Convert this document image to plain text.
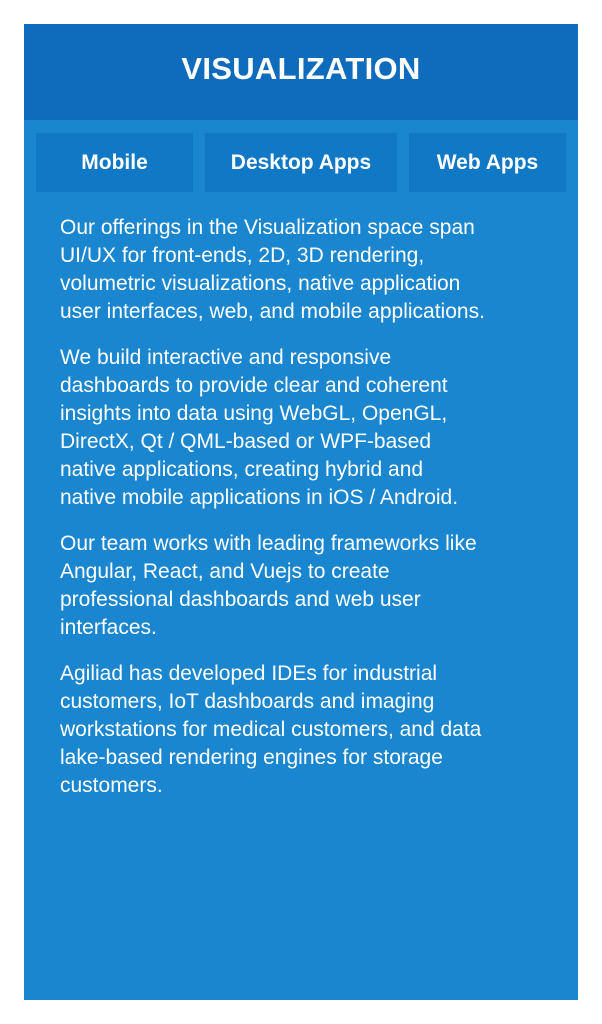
VISUALIZATION
Mobile	Desktop Apps	Web Apps

Our offerings in the Visualization space span
UI/UX for front-ends, 2D, 3D rendering,
volumetric visualizations, native application
user interfaces, web, and mobile applications.

We build interactive and responsive
dashboards to provide clear and coherent
insights into data using WebGL, OpenGL,
DirectX, Qt / QML-based or WPF-based
native applications, creating hybrid and
native mobile applications in iOS / Android.

Our team works with leading frameworks like
Angular, React, and Vuejs to create
professional dashboards and web user
interfaces.

Agiliad has developed IDEs for industrial
customers, IoT dashboards and imaging
workstations for medical customers, and data
lake-based rendering engines for storage
customers.
